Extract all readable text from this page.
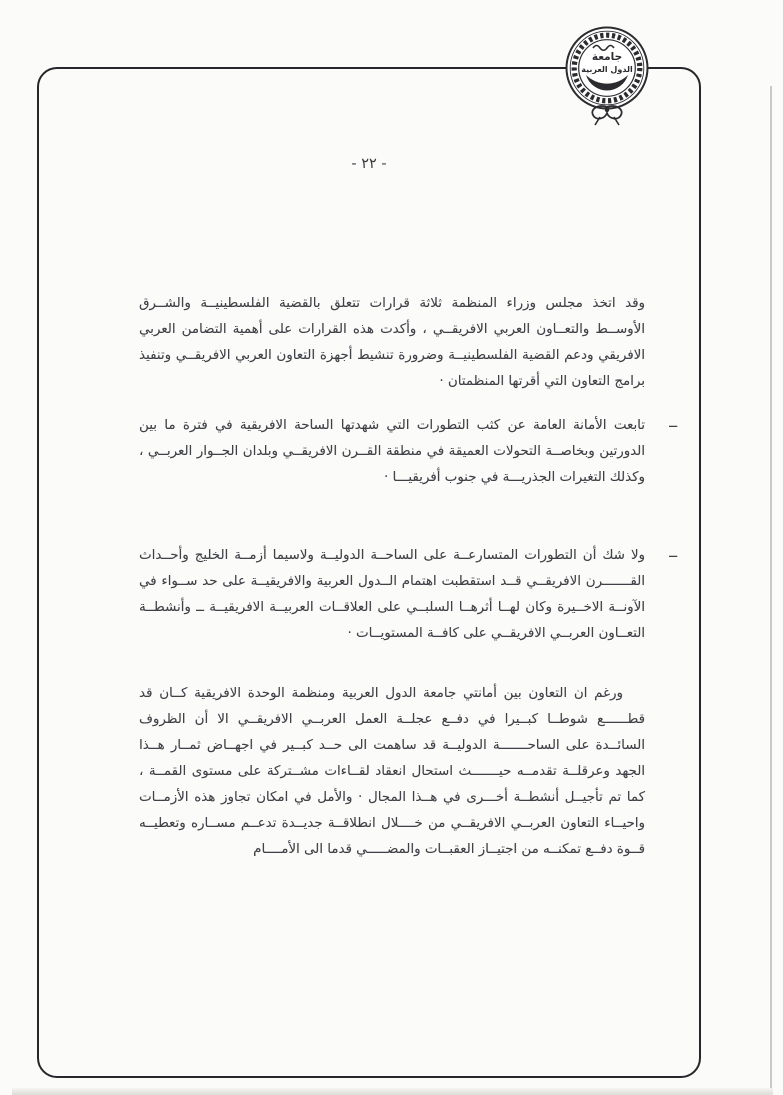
جامعة
الدول العربية
- ٢٢ -

وقد اتخذ مجلس وزراء المنظمة ثلاثة قرارات تتعلق بالقضية الفلسطينيــة والشــرق الأوســط والتعــاون العربي الافريقــي ، وأكدت هذه القرارات على أهمية التضامن العربي الافريقي ودعم القضية الفلسطينيــة وضرورة تنشيط أجهزة التعاون العربي الافريقــي وتنفيذ برامج التعاون التي أقرتها المنظمتان ·

ــ
تابعت الأمانة العامة عن كثب التطورات التي شهدتها الساحة الافريقية في فترة ما بين الدورتين وبخاصــة التحولات العميقة في منطقة القــرن الافريقــي وبلدان الجــوار العربــي ، وكذلك التغيرات الجذريـــة في جنوب أفريقيـــا ·

ــ
ولا شك أن التطورات المتسارعــة على الساحــة الدوليــة ولاسيما أزمــة الخليج وأحــداث القـــــــرن الافريقــي قــد استقطبت اهتمام الــدول العربية والافريقيــة على حد ســواء في الآونــة الاخــيرة وكان لهــا أثرهــا السلبــي على العلاقــات العربيــة الافريقيــة ــ وأنشطــة التعــاون العربــي الافريقــي على كافــة المستويــات ·

ورغم ان التعاون بين أمانتي جامعة الدول العربية ومنظمة الوحدة الافريقية كــان قد قطــــــع شوطــا كبــيرا في دفــع عجلــة العمل العربــي الافريقــي الا أن الظروف السائــدة على الساحـــــــة الدوليــة قد ساهمت الى حــد كبــير في اجهــاض ثمــار هــذا الجهد وعرقلــة تقدمــه حيـــــــث استحال انعقاد لقــاءات مشــتركة على مستوى القمــة ، كما تم تأجيــل أنشطــة أخـــرى في هــذا المجال · والأمل في امكان تجاوز هذه الأزمــات واحيــاء التعاون العربــي الافريقــي من خــــلال انطلاقــة جديــدة تدعــم مســاره وتعطيــه قــوة دفــع تمكنــه من اجتيــاز العقبــات والمضـــــي قدما الى الأمــــام
